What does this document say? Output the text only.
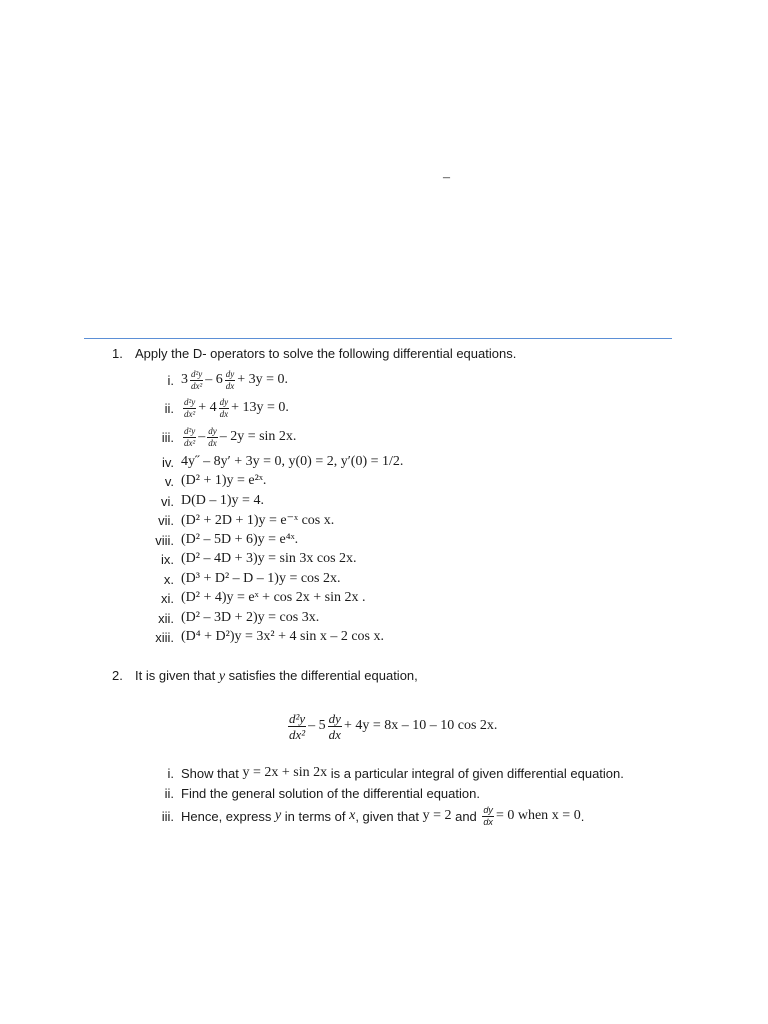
–
1. Apply the D- operators to solve the following differential equations.
i. $3 \frac{\text{d²y}}{\text{dx²}} - 6 \frac{dy}{dx} + 3y = 0$.
ii.	$\frac{\text{d²y}}{\text{dx²}} + 4 \frac{dy}{dx} + 13y = 0$.
iii.	$\frac{\text{d²y}}{\text{dx²}} - \frac{dy}{dx} - 2y = \sin 2x$.
iv. 4y˝ – 8y′ + 3y = 0, y(0) = 2, y′(0) = 1/2.
v. (D² + 1)y = e²ˣ.
vi. D(D – 1)y = 4.
vii. (D² + 2D + 1)y = e⁻ˣ cos x.
viii. (D² – 5D + 6)y = e⁴ˣ.
ix. (D² – 4D + 3)y = sin 3x cos 2x.
x. (D³ + D² – D – 1)y = cos 2x.
xi. (D² + 4)y = eˣ + cos 2x + sin 2x .
xii. (D² – 3D + 2)y = cos 3x.
xiii. (D⁴ + D²)y = 3x² + 4 sin x – 2 cos x.
2. It is given that y satisfies the differential equation,
$\frac{\text{d²y}}{\text{dx²}} - 5 \frac{dy}{dx} + 4y = 8x - 10 - 10$ cos 2x.
i. Show that
y = 2x + sin 2x
is a particular integral of given differential equation.
ii. Find the general solution of the differential equation.
iii. Hence, express
y
in terms of
x , given that
y = 2
and
$\frac{dy}{dx} = 0$ when
x = 0 .
